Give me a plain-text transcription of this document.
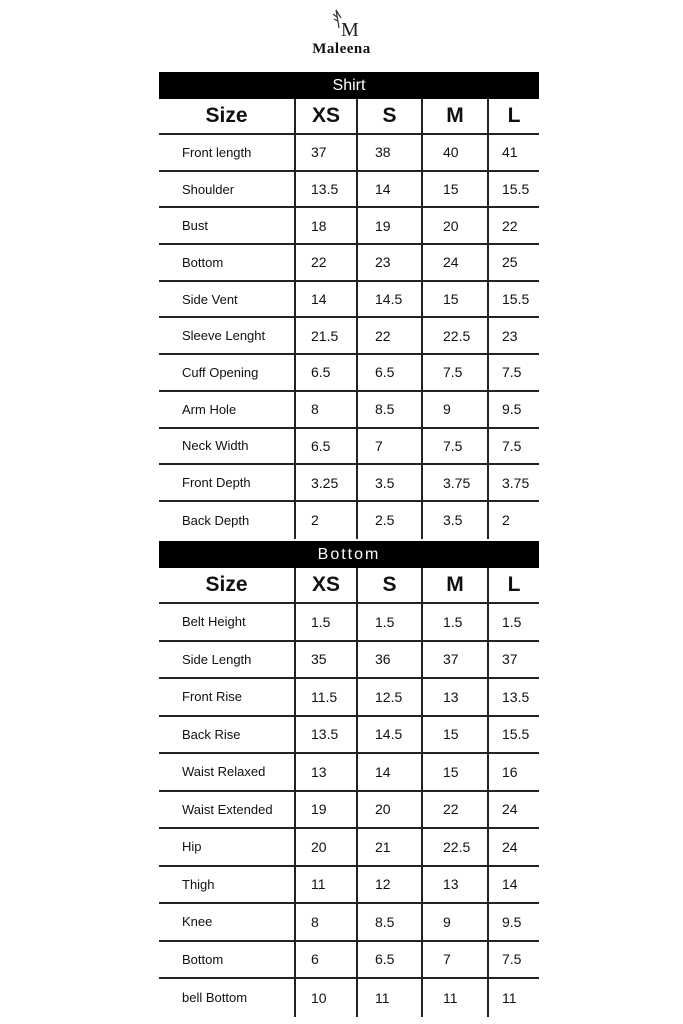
M
Maleena
Shirt
Size	XS	S	M	L
Front length	37	38	40	41
Shoulder	13.5	14	15	15.5
Bust	18	19	20	22
Bottom	22	23	24	25
Side Vent	14	14.5	15	15.5
Sleeve Lenght	21.5	22	22.5	23
Cuff Opening	6.5	6.5	7.5	7.5
Arm Hole	8	8.5	9	9.5
Neck Width	6.5	7	7.5	7.5
Front Depth	3.25	3.5	3.75	3.75
Back Depth	2	2.5	3.5	2
Bottom
Size	XS	S	M	L
Belt Height	1.5	1.5	1.5	1.5
Side Length	35	36	37	37
Front Rise	11.5	12.5	13	13.5
Back Rise	13.5	14.5	15	15.5
Waist Relaxed	13	14	15	16
Waist Extended	19	20	22	24
Hip	20	21	22.5	24
Thigh	11	12	13	14
Knee	8	8.5	9	9.5
Bottom	6	6.5	7	7.5
bell Bottom	10	11	11	11
